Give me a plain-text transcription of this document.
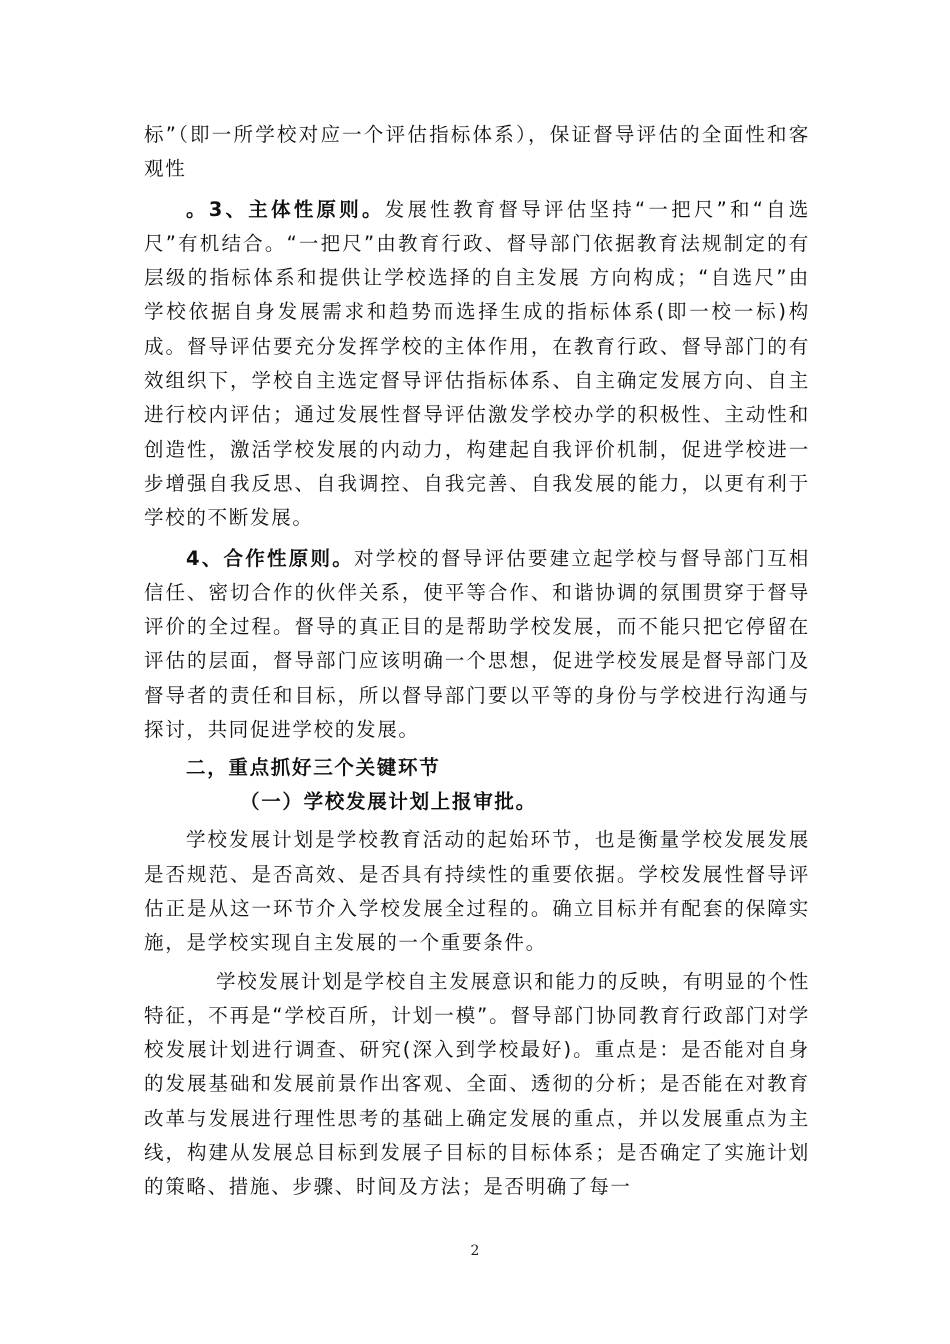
标”（即一所学校对应一个评估指标体系），保证督导评估的全面性和客观性

。3、主体性原则。发展性教育督导评估坚持“一把尺”和“自选尺”有机结合。“一把尺”由教育行政、督导部门依据教育法规制定的有层级的指标体系和提供让学校选择的自主发展 方向构成；“自选尺”由学校依据自身发展需求和趋势而选择生成的指标体系(即一校一标)构成。督导评估要充分发挥学校的主体作用，在教育行政、督导部门的有效组织下，学校自主选定督导评估指标体系、自主确定发展方向、自主进行校内评估；通过发展性督导评估激发学校办学的积极性、主动性和创造性，激活学校发展的内动力，构建起自我评价机制，促进学校进一步增强自我反思、自我调控、自我完善、自我发展的能力，以更有利于学校的不断发展。

4、合作性原则。对学校的督导评估要建立起学校与督导部门互相信任、密切合作的伙伴关系，使平等合作、和谐协调的氛围贯穿于督导评价的全过程。督导的真正目的是帮助学校发展，而不能只把它停留在评估的层面，督导部门应该明确一个思想，促进学校发展是督导部门及督导者的责任和目标，所以督导部门要以平等的身份与学校进行沟通与探讨，共同促进学校的发展。

二，重点抓好三个关键环节

（一）学校发展计划上报审批。

学校发展计划是学校教育活动的起始环节，也是衡量学校发展发展是否规范、是否高效、是否具有持续性的重要依据。学校发展性督导评估正是从这一环节介入学校发展全过程的。确立目标并有配套的保障实施，是学校实现自主发展的一个重要条件。

学校发展计划是学校自主发展意识和能力的反映，有明显的个性特征，不再是“学校百所，计划一模”。督导部门协同教育行政部门对学校发展计划进行调查、研究(深入到学校最好)。重点是：是否能对自身的发展基础和发展前景作出客观、全面、透彻的分析；是否能在对教育改革与发展进行理性思考的基础上确定发展的重点，并以发展重点为主线，构建从发展总目标到发展子目标的目标体系；是否确定了实施计划的策略、措施、步骤、时间及方法；是否明确了每一

2
